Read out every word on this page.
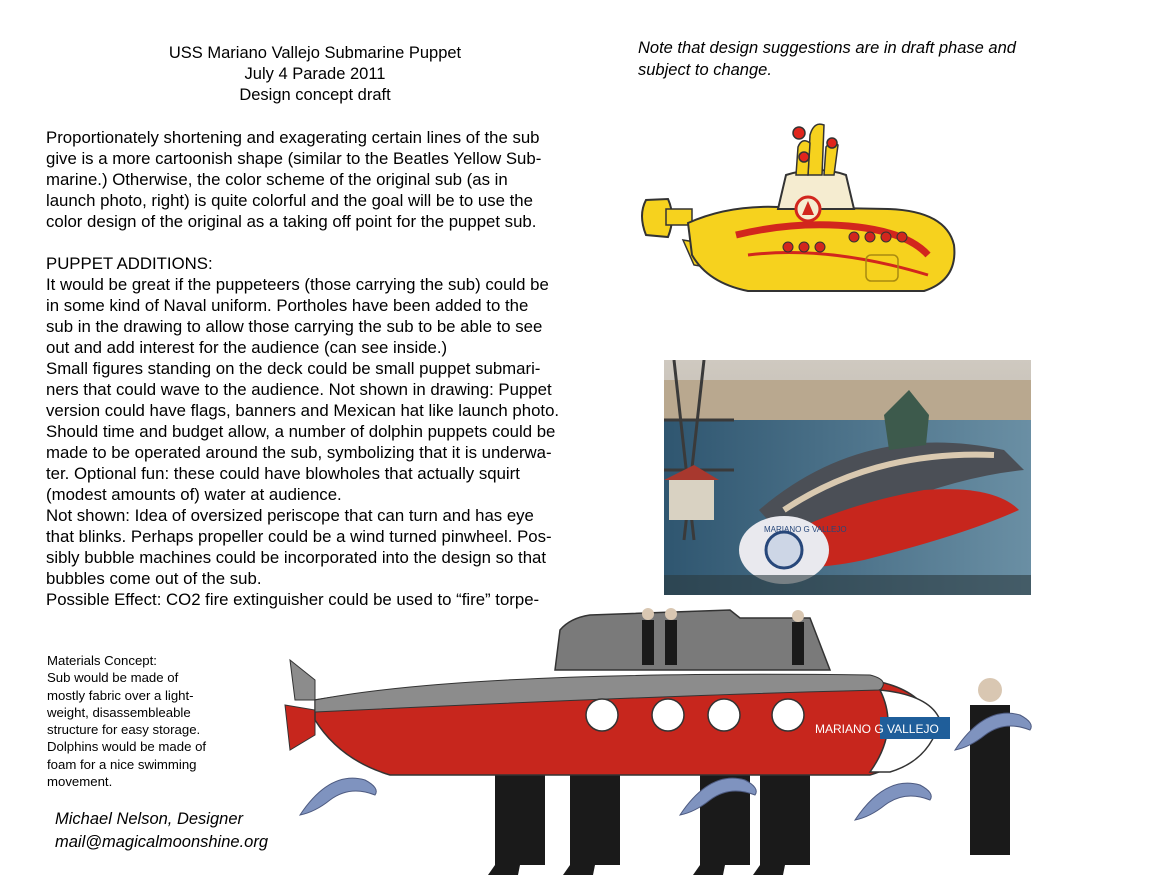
USS Mariano Vallejo Submarine Puppet
July 4 Parade 2011
Design concept draft
Note that design suggestions are in draft phase and
subject to change.

Proportionately shortening and exagerating certain lines of the sub

give is a more cartoonish shape (similar to the Beatles Yellow Sub-

marine.) Otherwise, the color scheme of the original sub (as in

launch photo, right) is quite colorful and the goal will be to use the

color design of the original as a taking off point for the puppet sub.

PUPPET ADDITIONS:

It would be great if the puppeteers (those carrying the sub) could be

in some kind of Naval uniform. Portholes have been added to the

sub in the drawing to allow those carrying the sub to be able to see

out and add interest for the audience (can see inside.)

Small figures standing on the deck could be small puppet submari-

ners that could wave to the audience. Not shown in drawing: Puppet

version could have flags, banners and Mexican hat like launch photo.

Should time and budget allow, a number of dolphin puppets could be

made to be operated around the sub, symbolizing that it is underwa-

ter. Optional fun: these could have blowholes that actually squirt

(modest amounts of) water at audience.

Not shown: Idea of oversized periscope that can turn and has eye

that blinks. Perhaps propeller could be a wind turned pinwheel. Pos-

sibly bubble machines could be incorporated into the design so that

bubbles come out of the sub.

Possible Effect: CO2 fire extinguisher could be used to “fire” torpe-

Materials Concept:

Sub would be made of

mostly fabric over a light-

weight, disassembleable

structure for easy storage.

Dolphins would be made of

foam for a nice swimming

movement.

Michael Nelson, Designer

mail@magicalmoonshine.org

MARIANO G VALLEJO
MARIANO G VALLEJO
